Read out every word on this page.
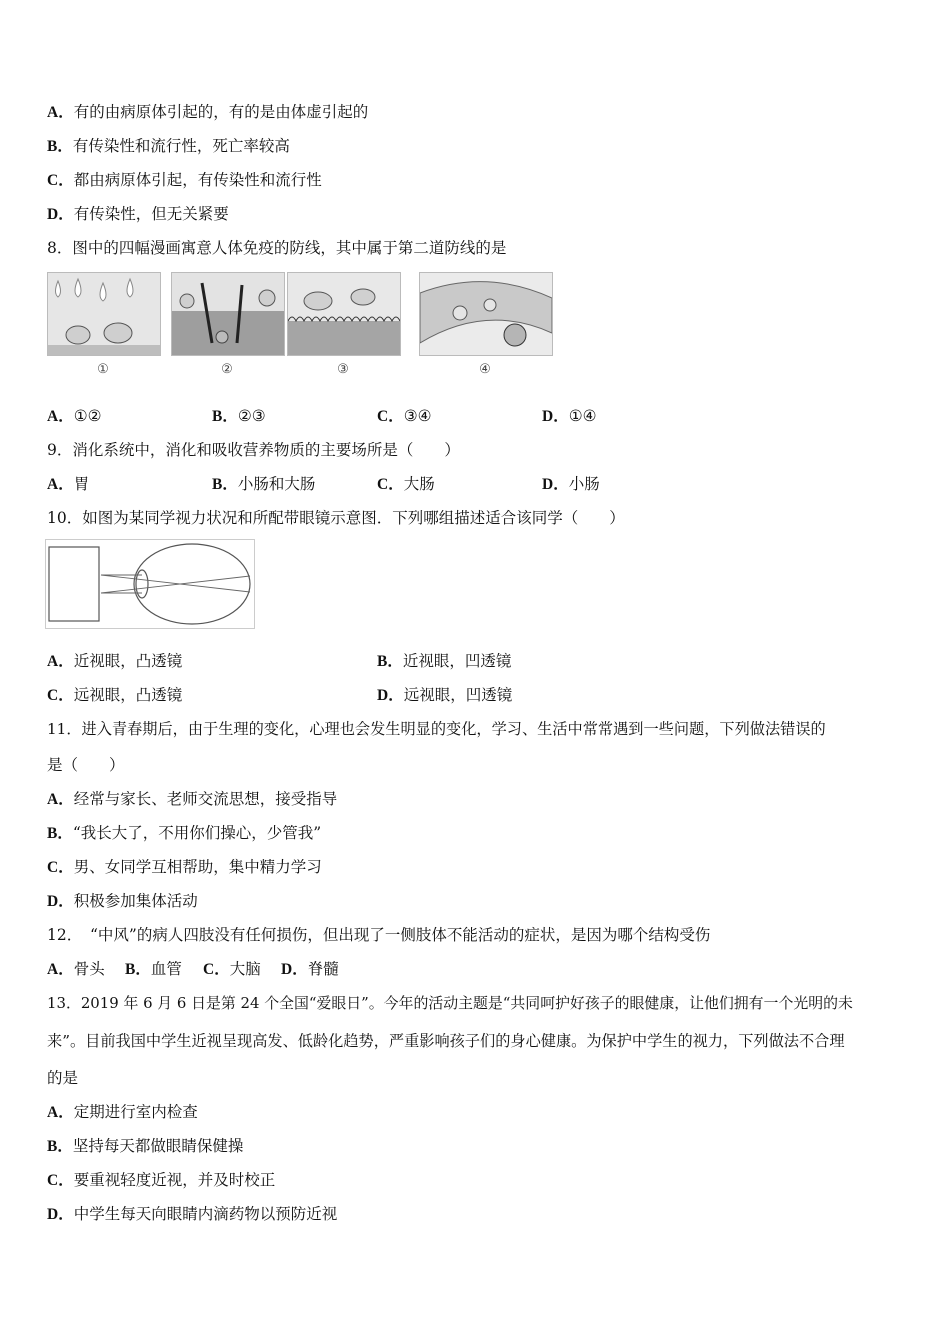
A．有的由病原体引起的，有的是由体虚引起的
B．有传染性和流行性，死亡率较高
C．都由病原体引起，有传染性和流行性
D．有传染性，但无关紧要
8．图中的四幅漫画寓意人体免疫的防线，其中属于第二道防线的是
①	②	③	④
A．①②	B．②③	C．③④	D．①④
9．消化系统中，消化和吸收营养物质的主要场所是（　　）
A．胃	B．小肠和大肠	C．大肠	D．小肠
10．如图为某同学视力状况和所配带眼镜示意图．下列哪组描述适合该同学（　　）
A．近视眼，凸透镜	B．近视眼，凹透镜
C．远视眼，凸透镜	D．远视眼，凹透镜
11．进入青春期后，由于生理的变化，心理也会发生明显的变化，学习、生活中常常遇到一些问题，下列做法错误的
是（　　）
A．经常与家长、老师交流思想，接受指导
B．“我长大了，不用你们操心，少管我”
C．男、女同学互相帮助，集中精力学习
D．积极参加集体活动
12．　“中风”的病人四肢没有任何损伤，但出现了一侧肢体不能活动的症状，是因为哪个结构受伤
A．骨头 B．血管 C．大脑 D．脊髓
13．2019 年 6 月 6 日是第 24 个全国“爱眼日”。今年的活动主题是“共同呵护好孩子的眼健康，让他们拥有一个光明的未
来”。目前我国中学生近视呈现高发、低龄化趋势，严重影响孩子们的身心健康。为保护中学生的视力，下列做法不合理
的是
A．定期进行室内检查
B．坚持每天都做眼睛保健操
C．要重视轻度近视，并及时校正
D．中学生每天向眼睛内滴药物以预防近视
